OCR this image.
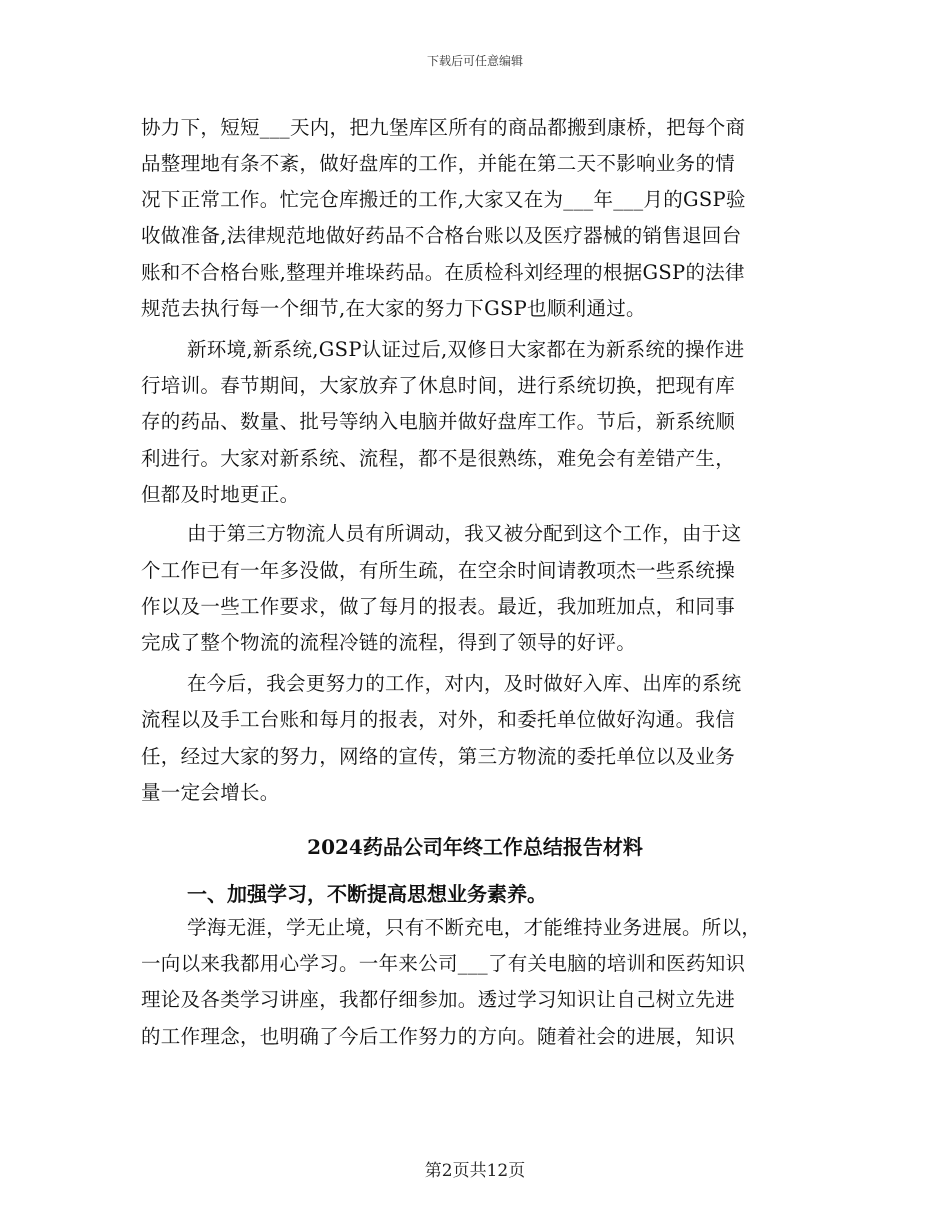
下载后可任意编辑
协力下，短短___天内，把九堡库区所有的商品都搬到康桥，把每个商
品整理地有条不紊，做好盘库的工作，并能在第二天不影响业务的情
况下正常工作。忙完仓库搬迁的工作,大家又在为___年___月的GSP验
收做准备,法律规范地做好药品不合格台账以及医疗器械的销售退回台
账和不合格台账,整理并堆垛药品。在质检科刘经理的根据GSP的法律
规范去执行每一个细节,在大家的努力下GSP也顺利通过。
新环境,新系统,GSP认证过后,双修日大家都在为新系统的操作进
行培训。春节期间，大家放弃了休息时间，进行系统切换，把现有库
存的药品、数量、批号等纳入电脑并做好盘库工作。节后，新系统顺
利进行。大家对新系统、流程，都不是很熟练，难免会有差错产生，
但都及时地更正。
由于第三方物流人员有所调动，我又被分配到这个工作，由于这
个工作已有一年多没做，有所生疏，在空余时间请教项杰一些系统操
作以及一些工作要求，做了每月的报表。最近，我加班加点，和同事
完成了整个物流的流程冷链的流程，得到了领导的好评。
在今后，我会更努力的工作，对内，及时做好入库、出库的系统
流程以及手工台账和每月的报表，对外，和委托单位做好沟通。我信
任，经过大家的努力，网络的宣传，第三方物流的委托单位以及业务
量一定会增长。
2024药品公司年终工作总结报告材料
一、加强学习，不断提高思想业务素养。
学海无涯，学无止境，只有不断充电，才能维持业务进展。所以，
一向以来我都用心学习。一年来公司___了有关电脑的培训和医药知识
理论及各类学习讲座，我都仔细参加。透过学习知识让自己树立先进
的工作理念，也明确了今后工作努力的方向。随着社会的进展，知识
第2页共12页
